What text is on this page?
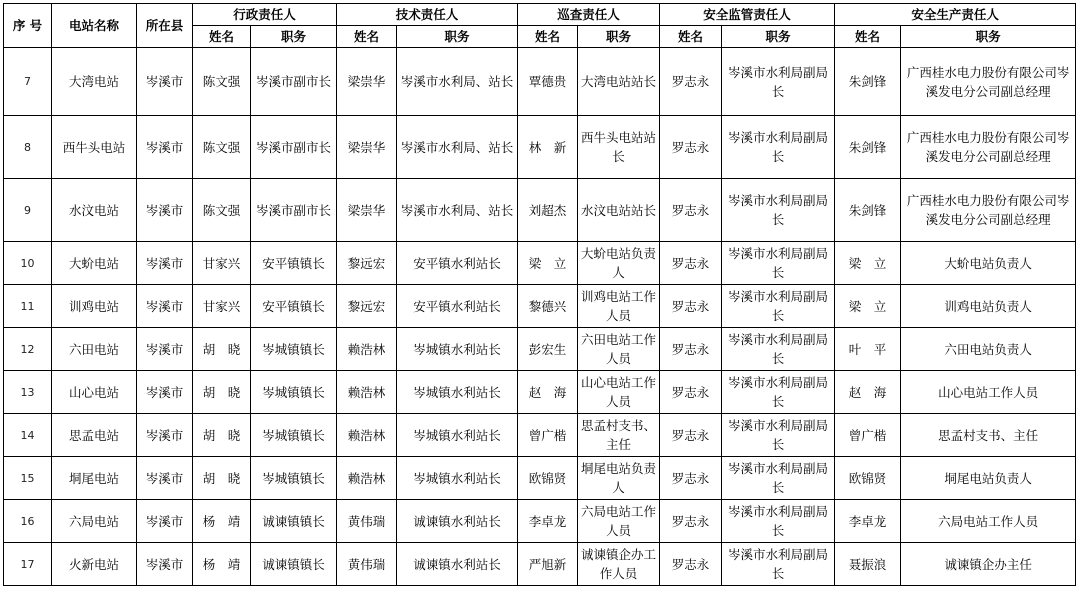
序 号	电站名称	所在县	行政责任人		技术责任人		巡查责任人		安全监管责任人		安全生产责任人	
			姓名	职务	姓名	职务	姓名	职务	姓名	职务	姓名	职务
7	大湾电站	岑溪市	陈文强	岑溪市副市长	梁崇华	岑溪市水利局、站长	覃德贵	大湾电站站长	罗志永	岑溪市水利局副局长	朱剑锋	广西桂水电力股份有限公司岑溪发电分公司副总经理
8	西牛头电站	岑溪市	陈文强	岑溪市副市长	梁崇华	岑溪市水利局、站长	林　新	西牛头电站站长	罗志永	岑溪市水利局副局长	朱剑锋	广西桂水电力股份有限公司岑溪发电分公司副总经理
9	水汶电站	岑溪市	陈文强	岑溪市副市长	梁崇华	岑溪市水利局、站长	刘超杰	水汶电站站长	罗志永	岑溪市水利局副局长	朱剑锋	广西桂水电力股份有限公司岑溪发电分公司副总经理
10	大蚧电站	岑溪市	甘家兴	安平镇镇长	黎远宏	安平镇水利站长	梁　立	大蚧电站负责人	罗志永	岑溪市水利局副局长	梁　立	大蚧电站负责人
11	训鸡电站	岑溪市	甘家兴	安平镇镇长	黎远宏	安平镇水利站长	黎德兴	训鸡电站工作人员	罗志永	岑溪市水利局副局长	梁　立	训鸡电站负责人
12	六田电站	岑溪市	胡　晓	岑城镇镇长	赖浩林	岑城镇水利站长	彭宏生	六田电站工作人员	罗志永	岑溪市水利局副局长	叶　平	六田电站负责人
13	山心电站	岑溪市	胡　晓	岑城镇镇长	赖浩林	岑城镇水利站长	赵　海	山心电站工作人员	罗志永	岑溪市水利局副局长	赵　海	山心电站工作人员
14	思孟电站	岑溪市	胡　晓	岑城镇镇长	赖浩林	岑城镇水利站长	曾广楷	思孟村支书、主任	罗志永	岑溪市水利局副局长	曾广楷	思孟村支书、主任
15	垌尾电站	岑溪市	胡　晓	岑城镇镇长	赖浩林	岑城镇水利站长	欧锦贤	垌尾电站负责人	罗志永	岑溪市水利局副局长	欧锦贤	垌尾电站负责人
16	六局电站	岑溪市	杨　靖	诚谏镇镇长	黄伟瑞	诚谏镇水利站长	李卓龙	六局电站工作人员	罗志永	岑溪市水利局副局长	李卓龙	六局电站工作人员
17	火新电站	岑溪市	杨　靖	诚谏镇镇长	黄伟瑞	诚谏镇水利站长	严旭新	诚谏镇企办工作人员	罗志永	岑溪市水利局副局长	聂振浪	诚谏镇企办主任
